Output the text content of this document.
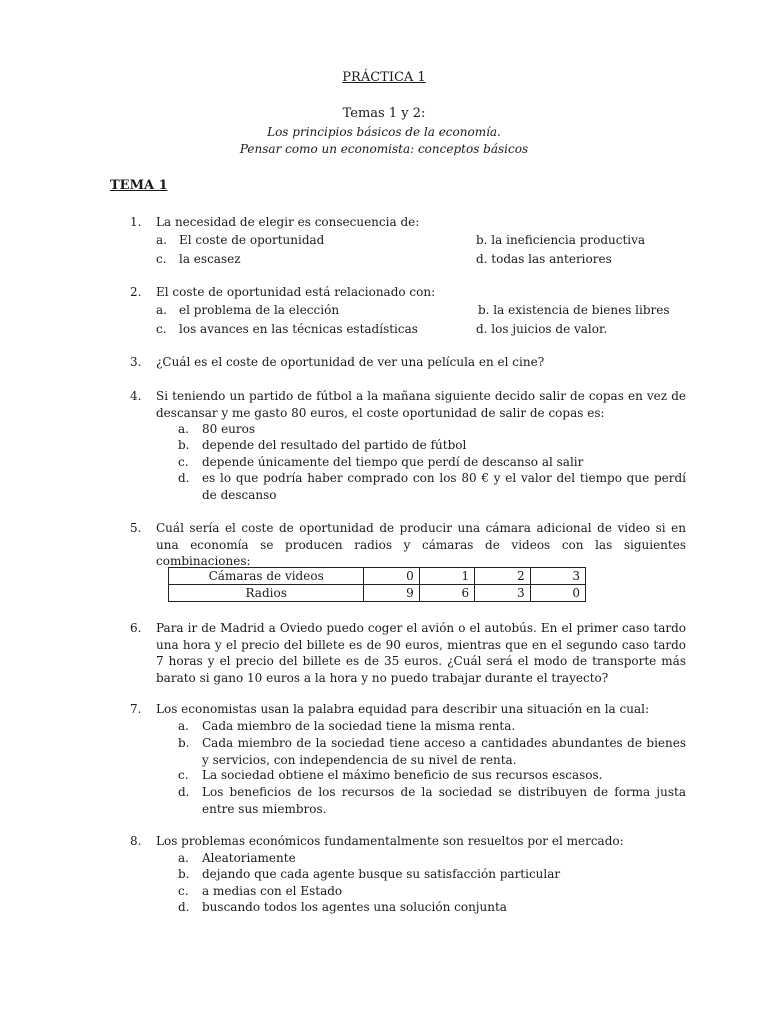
PRÁCTICA 1
Temas 1 y 2:
Los principios básicos de la economía.
Pensar como un economista: conceptos básicos
TEMA 1
1.	La necesidad de elegir es consecuencia de:
a. El coste de oportunidad	b. la ineficiencia productiva
c. la escasez	d. todas las anteriores
2.	El coste de oportunidad está relacionado con:
a. el problema de la elección	b. la existencia de bienes libres
c. los avances en las técnicas estadísticas	d. los juicios de valor.
3.	¿Cuál es el coste de oportunidad de ver una película en el cine?
4.	Si teniendo un partido de fútbol a la mañana siguiente decido salir de copas en vez de descansar y me gasto 80 euros, el coste oportunidad de salir de copas es:
a. 80 euros
b. depende del resultado del partido de fútbol
c. depende únicamente del tiempo que perdí de descanso al salir
d. es lo que podría haber comprado con los 80 € y el valor del tiempo que perdí de descanso
5.	Cuál sería el coste de oportunidad de producir una cámara adicional de video si en una economía se producen radios y cámaras de videos con las siguientes combinaciones:
Cámaras de videos	0	1	2	3
Radios	9	6	3	0
6.	Para ir de Madrid a Oviedo puedo coger el avión o el autobús. En el primer caso tardo una hora y el precio del billete es de 90 euros, mientras que en el segundo caso tardo 7 horas y el precio del billete es de 35 euros. ¿Cuál será el modo de transporte más barato si gano 10 euros a la hora y no puedo trabajar durante el trayecto?
7.	Los economistas usan la palabra equidad para describir una situación en la cual:
a. Cada miembro de la sociedad tiene la misma renta.
b. Cada miembro de la sociedad tiene acceso a cantidades abundantes de bienes y servicios, con independencia de su nivel de renta.
c. La sociedad obtiene el máximo beneficio de sus recursos escasos.
d. Los beneficios de los recursos de la sociedad se distribuyen de forma justa entre sus miembros.
8.	Los problemas económicos fundamentalmente son resueltos por el mercado:
a. Aleatoriamente
b. dejando que cada agente busque su satisfacción particular
c. a medias con el Estado
d. buscando todos los agentes una solución conjunta
